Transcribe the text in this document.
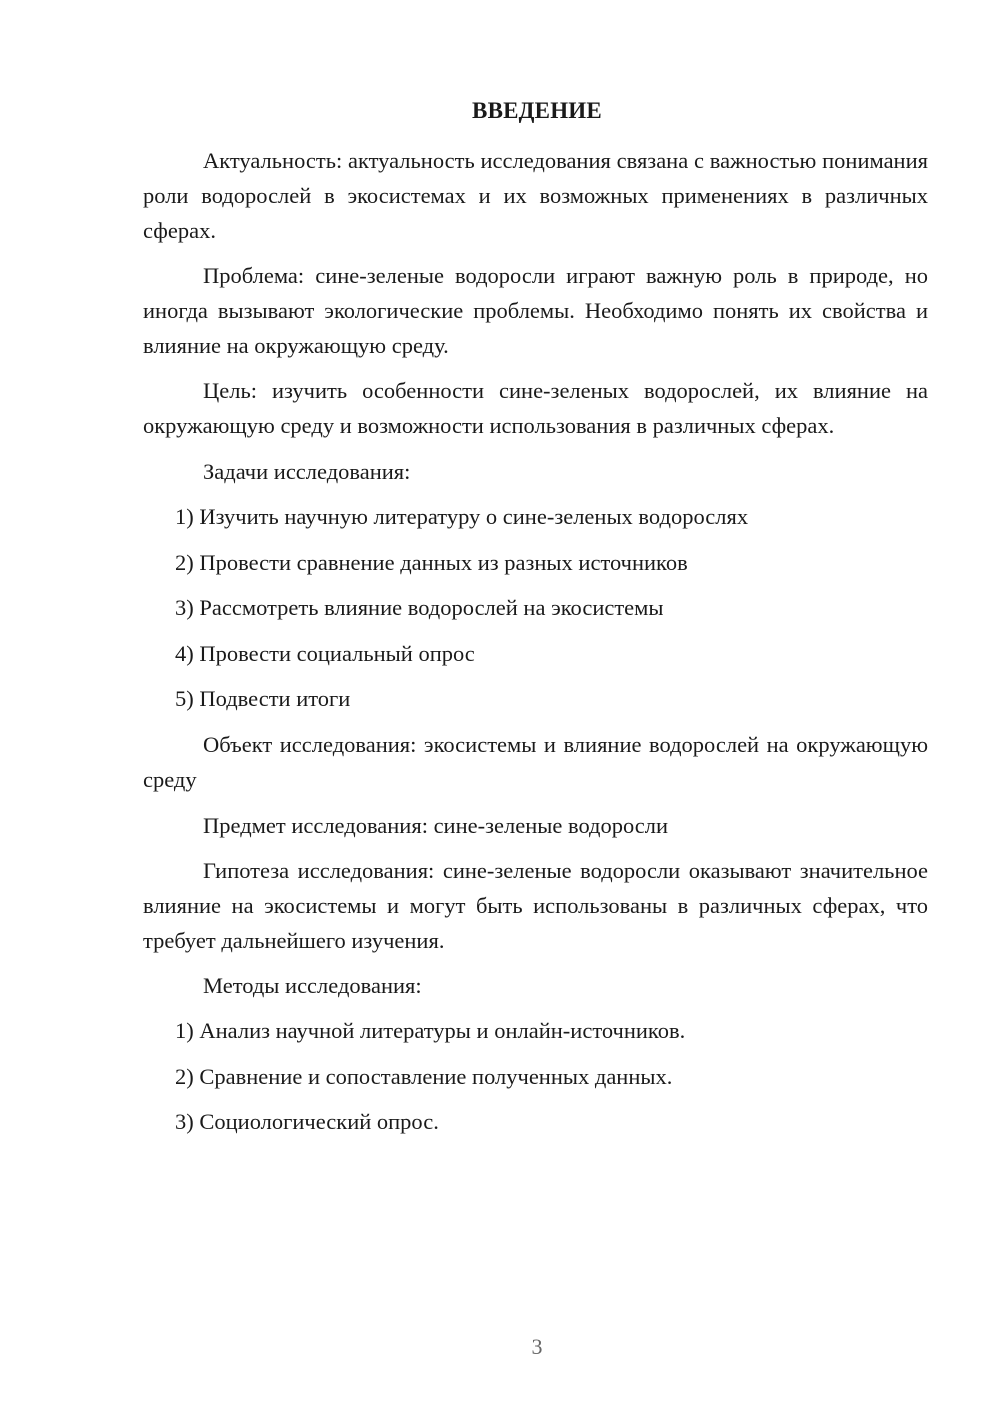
ВВЕДЕНИЕ

Актуальность: актуальность исследования связана с важностью понимания роли водорослей в экосистемах и их возможных применениях в различных сферах.

Проблема: сине-зеленые водоросли играют важную роль в природе, но иногда вызывают экологические проблемы. Необходимо понять их свойства и влияние на окружающую среду.

Цель: изучить особенности сине-зеленых водорослей, их влияние на окружающую среду и возможности использования в различных сферах.

Задачи исследования:
1) Изучить научную литературу о сине-зеленых водорослях
2) Провести сравнение данных из разных источников
3) Рассмотреть влияние водорослей на экосистемы
4) Провести социальный опрос
5) Подвести итоги

Объект исследования: экосистемы и влияние водорослей на окружающую среду

Предмет исследования: сине-зеленые водоросли

Гипотеза исследования: сине-зеленые водоросли оказывают значительное влияние на экосистемы и могут быть использованы в различных сферах, что требует дальнейшего изучения.

Методы исследования:
1) Анализ научной литературы и онлайн-источников.
2) Сравнение и сопоставление полученных данных.
3) Социологический опрос.
3
